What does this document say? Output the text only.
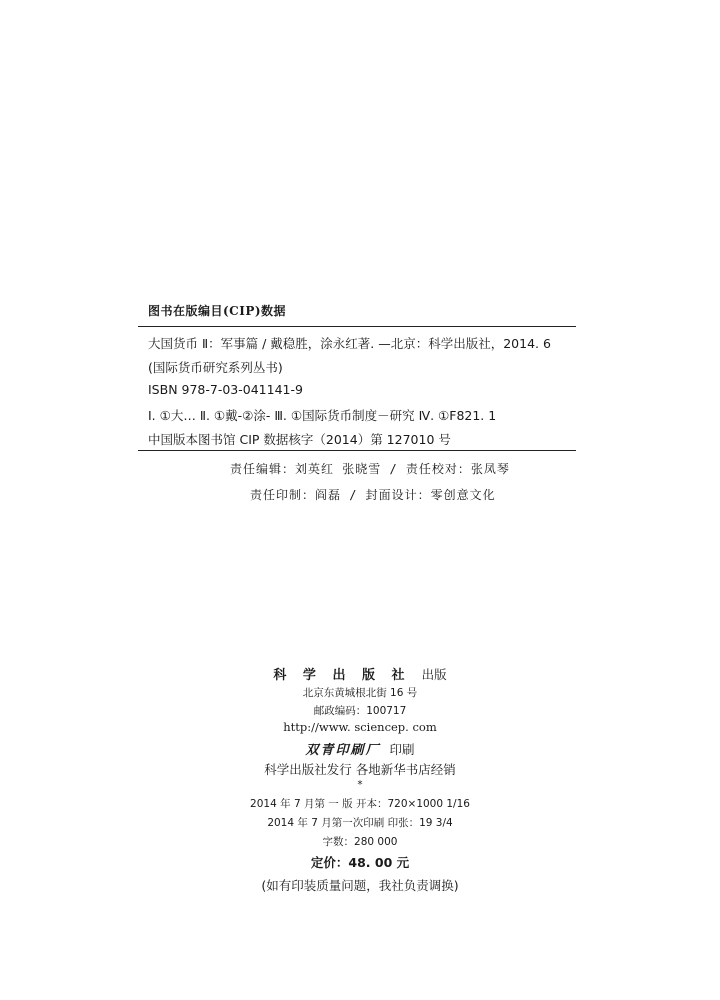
图书在版编目(CIP)数据
大国货币 Ⅱ：军事篇 / 戴稳胜，涂永红著. —北京：科学出版社，2014. 6
(国际货币研究系列丛书)
ISBN 978-7-03-041141-9
Ⅰ. ①大… Ⅱ. ①戴-②涂- Ⅲ. ①国际货币制度－研究 Ⅳ. ①F821. 1
中国版本图书馆 CIP 数据核字（2014）第 127010 号
责任编辑：刘英红 张晓雪 / 责任校对：张凤琴
责任印制：阎磊 / 封面设计：零创意文化
科 学 出 版 社 出版
北京东黄城根北街 16 号
邮政编码：100717
http://www. sciencep. com
双青印刷厂 印刷
科学出版社发行 各地新华书店经销
*
2014 年 7 月第 一 版 开本：720×1000 1/16
2014 年 7 月第一次印刷 印张：19 3/4
字数：280 000
定价：48. 00 元
(如有印装质量问题，我社负责调换)
